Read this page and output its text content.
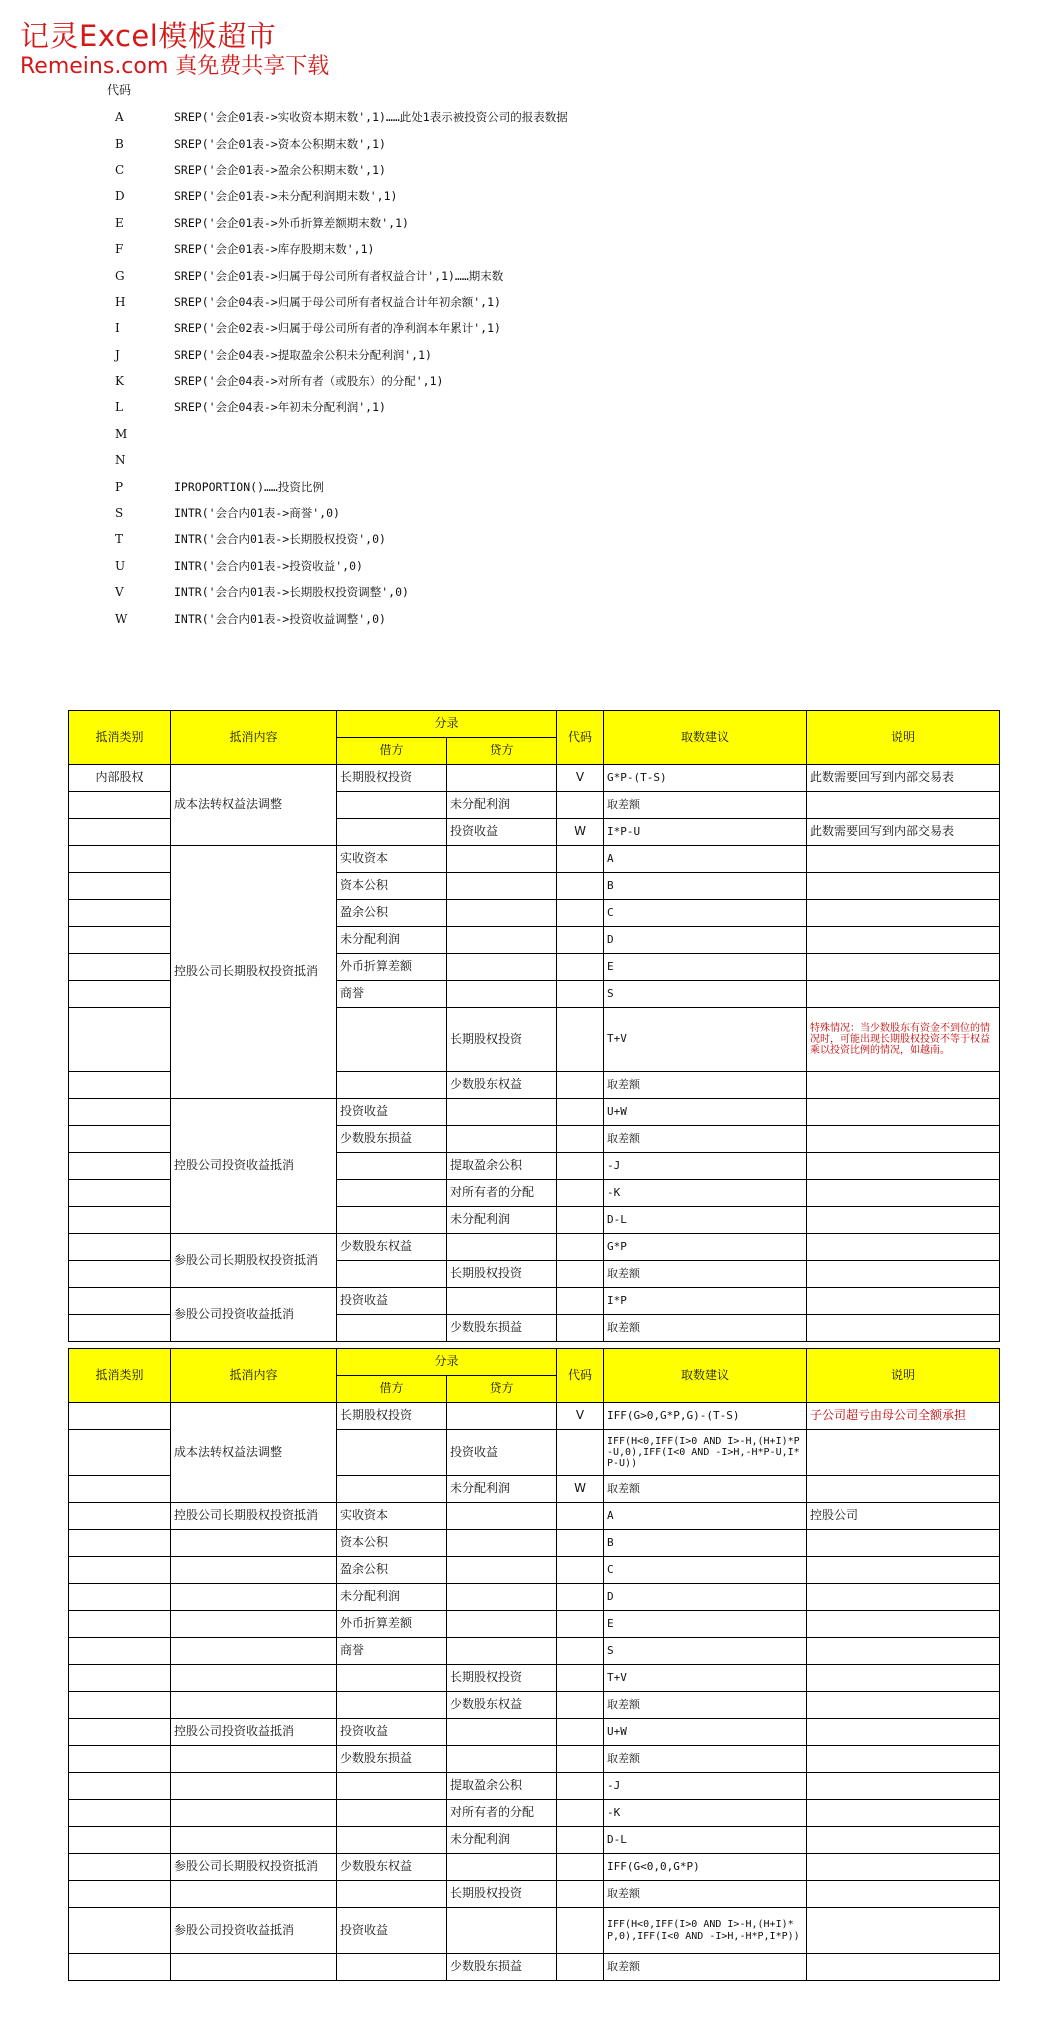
记灵Excel模板超市
Remeins.com 真免费共享下载
代码
A	SREP('会企01表->实收资本期末数',1)……此处1表示被投资公司的报表数据
B	SREP('会企01表->资本公积期末数',1)
C	SREP('会企01表->盈余公积期末数',1)
D	SREP('会企01表->未分配利润期末数',1)
E	SREP('会企01表->外币折算差额期末数',1)
F	SREP('会企01表->库存股期末数',1)
G	SREP('会企01表->归属于母公司所有者权益合计',1)……期末数
H	SREP('会企04表->归属于母公司所有者权益合计年初余额',1)
I	SREP('会企02表->归属于母公司所有者的净利润本年累计',1)
J	SREP('会企04表->提取盈余公积未分配利润',1)
K	SREP('会企04表->对所有者（或股东）的分配',1)
L	SREP('会企04表->年初未分配利润',1)
M
N
P	IPROPORTION()……投资比例
S	INTR('会合内01表->商誉',0)
T	INTR('会合内01表->长期股权投资',0)
U	INTR('会合内01表->投资收益',0)
V	INTR('会合内01表->长期股权投资调整',0)
W	INTR('会合内01表->投资收益调整',0)
抵消类别	抵消内容	分录		代码	取数建议	说明
		借方	贷方			
内部股权	成本法转权益法调整	长期股权投资		V	G*P-(T-S)	此数需要回写到内部交易表
			未分配利润		取差额	
			投资收益	W	I*P-U	此数需要回写到内部交易表
	控股公司长期股权投资抵消	实收资本			A	
		资本公积			B	
		盈余公积			C	
		未分配利润			D	
		外币折算差额			E	
		商誉			S	
			长期股权投资		T+V	特殊情况：当少数股东有资金不到位的情况时，可能出现长期股权投资不等于权益乘以投资比例的情况，如越南。
			少数股东权益		取差额	
	控股公司投资收益抵消	投资收益			U+W	
		少数股东损益			取差额	
			提取盈余公积		-J	
			对所有者的分配		-K	
			未分配利润		D-L	
	参股公司长期股权投资抵消	少数股东权益			G*P	
			长期股权投资		取差额	
	参股公司投资收益抵消	投资收益			I*P	
			少数股东损益		取差额	
抵消类别	抵消内容	分录		代码	取数建议	说明
		借方	贷方			
	成本法转权益法调整	长期股权投资		V	IFF(G>0,G*P,G)-(T-S)	子公司超亏由母公司全额承担
			投资收益		IFF(H<0,IFF(I>0 AND I>-H,(H+I)*P-U,0),IFF(I<0 AND -I>H,-H*P-U,I*P-U))	
			未分配利润	W	取差额	
	控股公司长期股权投资抵消	实收资本			A	控股公司
		资本公积			B	
		盈余公积			C	
		未分配利润			D	
		外币折算差额			E	
		商誉			S	
			长期股权投资		T+V	
			少数股东权益		取差额	
	控股公司投资收益抵消	投资收益			U+W	
		少数股东损益			取差额	
			提取盈余公积		-J	
			对所有者的分配		-K	
			未分配利润		D-L	
	参股公司长期股权投资抵消	少数股东权益			IFF(G<0,0,G*P)	
			长期股权投资		取差额	
	参股公司投资收益抵消	投资收益			IFF(H<0,IFF(I>0 AND I>-H,(H+I)*P,0),IFF(I<0 AND -I>H,-H*P,I*P))	
			少数股东损益		取差额	
